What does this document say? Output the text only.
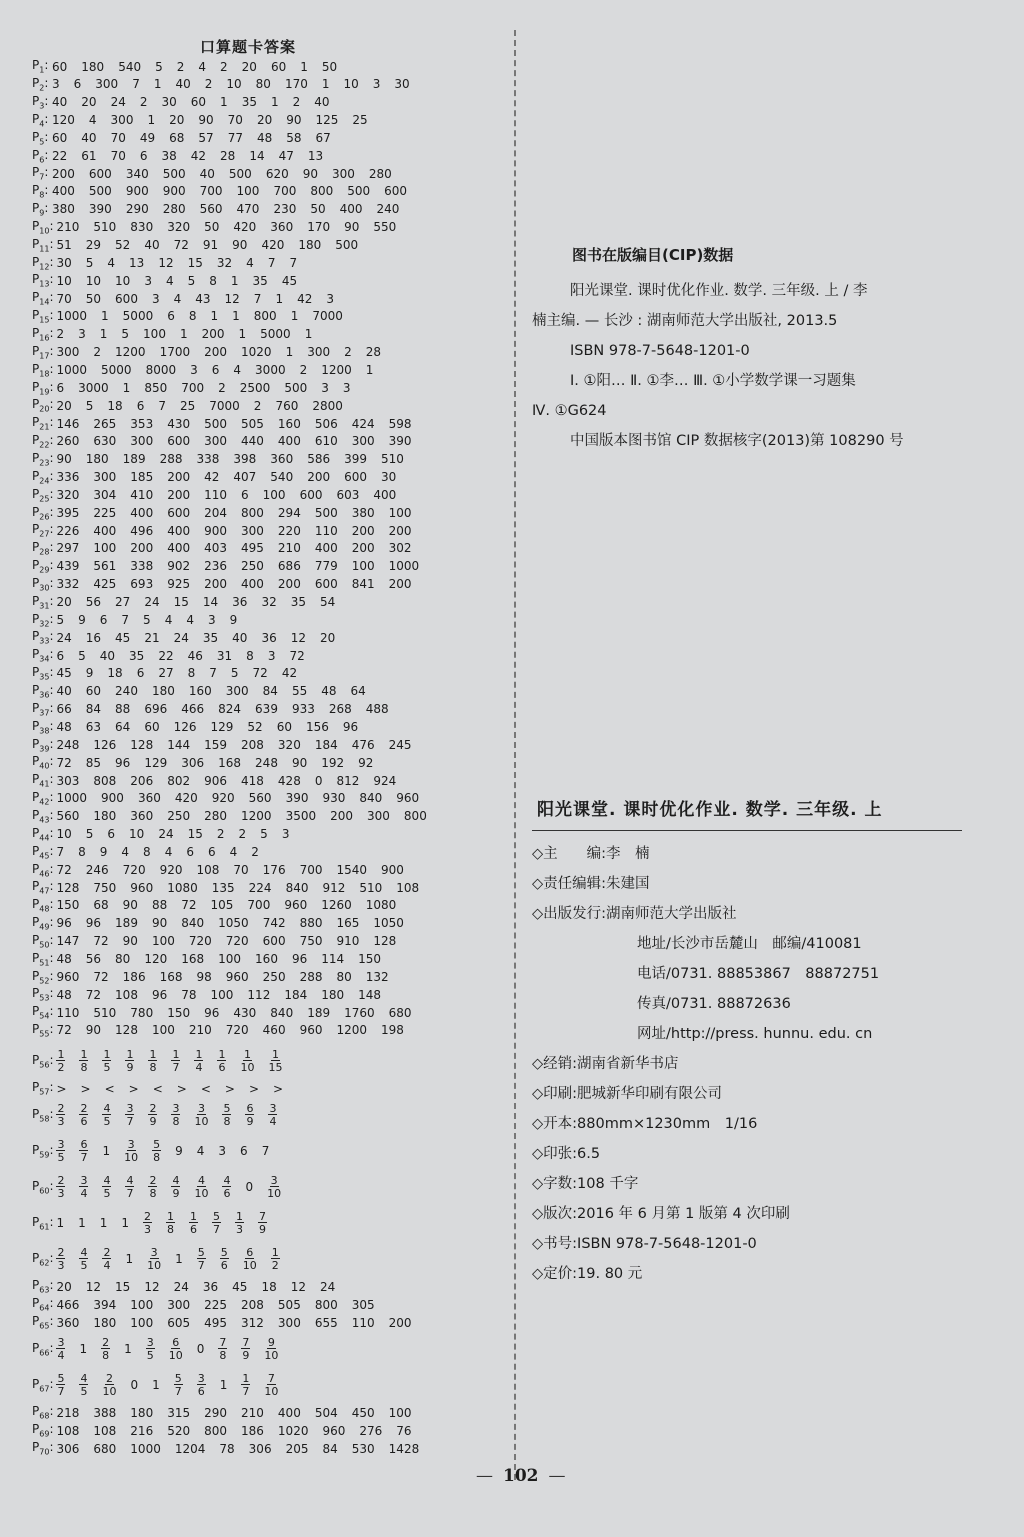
口算题卡答案
$P_1$: 60 180 540 5 2 4 2 20 60 1 50
$P_2$: 3 6 300 7 1 40 2 10 80 170 1 10 3 30
$P_3$: 40 20 24 2 30 60 1 35 1 2 40
$P_4$: 120 4 300 1 20 90 70 20 90 125 25
$P_5$: 60 40 70 49 68 57 77 48 58 67
$P_6$: 22 61 70 6 38 42 28 14 47 13
$P_7$: 200 600 340 500 40 500 620 90 300 280
$P_8$: 400 500 900 900 700 100 700 800 500 600
$P_9$: 380 390 290 280 560 470 230 50 400 240
$P_{10}$: 210 510 830 320 50 420 360 170 90 550
$P_{11}$: 51 29 52 40 72 91 90 420 180 500
$P_{12}$: 30 5 4 13 12 15 32 4 7 7
$P_{13}$: 10 10 10 3 4 5 8 1 35 45
$P_{14}$: 70 50 600 3 4 43 12 7 1 42 3
$P_{15}$: 1000 1 5000 6 8 1 1 800 1 7000
$P_{16}$: 2 3 1 5 100 1 200 1 5000 1
$P_{17}$: 300 2 1200 1700 200 1020 1 300 2 28
$P_{18}$: 1000 5000 8000 3 6 4 3000 2 1200 1
$P_{19}$: 6 3000 1 850 700 2 2500 500 3 3
$P_{20}$: 20 5 18 6 7 25 7000 2 760 2800
$P_{21}$: 146 265 353 430 500 505 160 506 424 598
$P_{22}$: 260 630 300 600 300 440 400 610 300 390
$P_{23}$: 90 180 189 288 338 398 360 586 399 510
$P_{24}$: 336 300 185 200 42 407 540 200 600 30
$P_{25}$: 320 304 410 200 110 6 100 600 603 400
$P_{26}$: 395 225 400 600 204 800 294 500 380 100
$P_{27}$: 226 400 496 400 900 300 220 110 200 200
$P_{28}$: 297 100 200 400 403 495 210 400 200 302
$P_{29}$: 439 561 338 902 236 250 686 779 100 1000
$P_{30}$: 332 425 693 925 200 400 200 600 841 200
$P_{31}$: 20 56 27 24 15 14 36 32 35 54
$P_{32}$: 5 9 6 7 5 4 4 3 9
$P_{33}$: 24 16 45 21 24 35 40 36 12 20
$P_{34}$: 6 5 40 35 22 46 31 8 3 72
$P_{35}$: 45 9 18 6 27 8 7 5 72 42
$P_{36}$: 40 60 240 180 160 300 84 55 48 64
$P_{37}$: 66 84 88 696 466 824 639 933 268 488
$P_{38}$: 48 63 64 60 126 129 52 60 156 96
$P_{39}$: 248 126 128 144 159 208 320 184 476 245
$P_{40}$: 72 85 96 129 306 168 248 90 192 92
$P_{41}$: 303 808 206 802 906 418 428 0 812 924
$P_{42}$: 1000 900 360 420 920 560 390 930 840 960
$P_{43}$: 560 180 360 250 280 1200 3500 200 300 800
$P_{44}$: 10 5 6 10 24 15 2 2 5 3
$P_{45}$: 7 8 9 4 8 4 6 6 4 2
$P_{46}$: 72 246 720 920 108 70 176 700 1540 900
$P_{47}$: 128 750 960 1080 135 224 840 912 510 108
$P_{48}$: 150 68 90 88 72 105 700 960 1260 1080
$P_{49}$: 96 96 189 90 840 1050 742 880 165 1050
$P_{50}$: 147 72 90 100 720 720 600 750 910 128
$P_{51}$: 48 56 80 120 168 100 160 96 114 150
$P_{52}$: 960 72 186 168 98 960 250 288 80 132
$P_{53}$: 48 72 108 96 78 100 112 184 180 148
$P_{54}$: 110 510 780 150 96 430 840 189 1760 680
$P_{55}$: 72 90 128 100 210 720 460 960 1200 198
$P_{56}$: $\frac{1}{2} \frac{1}{8} \frac{1}{5} \frac{1}{9} \frac{1}{8} \frac{1}{7} \frac{1}{4} \frac{1}{6} \frac{1}{10} \frac{1}{15}$
$P_{57}$: > > < > < > < > > >
$P_{58}$: $\frac{2}{3} \frac{2}{6} \frac{4}{5} \frac{3}{7} \frac{2}{9} \frac{3}{8} \frac{3}{10} \frac{5}{8} \frac{6}{9} \frac{3}{4}$
$P_{59}$: $\frac{3}{5} \frac{6}{7} 1 \frac{3}{10} \frac{5}{8} 9$ 4 3 6 7
$P_{60}$: $\frac{2}{3} \frac{3}{4} \frac{4}{5} \frac{4}{7} \frac{2}{8} \frac{4}{9} \frac{4}{10} \frac{4}{6} 0 \frac{3}{10}$
$P_{61}$: 1 1 1 $1 \frac{2}{3} \frac{1}{8} \frac{1}{6} \frac{5}{7} \frac{1}{3} \frac{7}{9}$
$P_{62}$: $\frac{2}{3} \frac{4}{5} \frac{2}{4} 1 \frac{3}{10} 1 \frac{5}{7} \frac{5}{6} \frac{6}{10} \frac{1}{2}$
$P_{63}$: 20 12 15 12 24 36 45 18 12 24
$P_{64}$: 466 394 100 300 225 208 505 800 305
$P_{65}$: 360 180 100 605 495 312 300 655 110 200
$P_{66}$: $\frac{3}{4} 1 \frac{2}{8} 1 \frac{3}{5} \frac{6}{10} 0 \frac{7}{8} \frac{7}{9} \frac{9}{10}$
$P_{67}$: $\frac{5}{7} \frac{4}{5} \frac{2}{10} 0$ $1 \frac{5}{7} \frac{3}{6} 1 \frac{1}{7} \frac{7}{10}$
$P_{68}$: 218 388 180 315 290 210 400 504 450 100
$P_{69}$: 108 108 216 520 800 186 1020 960 276 76
$P_{70}$: 306 680 1000 1204 78 306 205 84 530 1428
图书在版编目(CIP)数据

阳光课堂. 课时优化作业. 数学. 三年级. 上 / 李

楠主编. — 长沙 : 湖南师范大学出版社, 2013.5

ISBN 978-7-5648-1201-0

Ⅰ. ①阳… Ⅱ. ①李… Ⅲ. ①小学数学课一习题集

Ⅳ. ①G624

中国版本图书馆 CIP 数据核字(2013)第 108290 号

阳光课堂. 课时优化作业. 数学. 三年级. 上
◇主　　编:李　楠
◇责任编辑:朱建国
◇出版发行:湖南师范大学出版社
地址/长沙市岳麓山　邮编/410081
电话/0731. 88853867　88872751
传真/0731. 88872636
网址/http://press. hunnu. edu. cn
◇经销:湖南省新华书店
◇印刷:肥城新华印刷有限公司
◇开本:880mm×1230mm　1/16
◇印张:6.5
◇字数:108 千字
◇版次:2016 年 6 月第 1 版第 4 次印刷
◇书号:ISBN 978-7-5648-1201-0
◇定价:19. 80 元
— 102 —
